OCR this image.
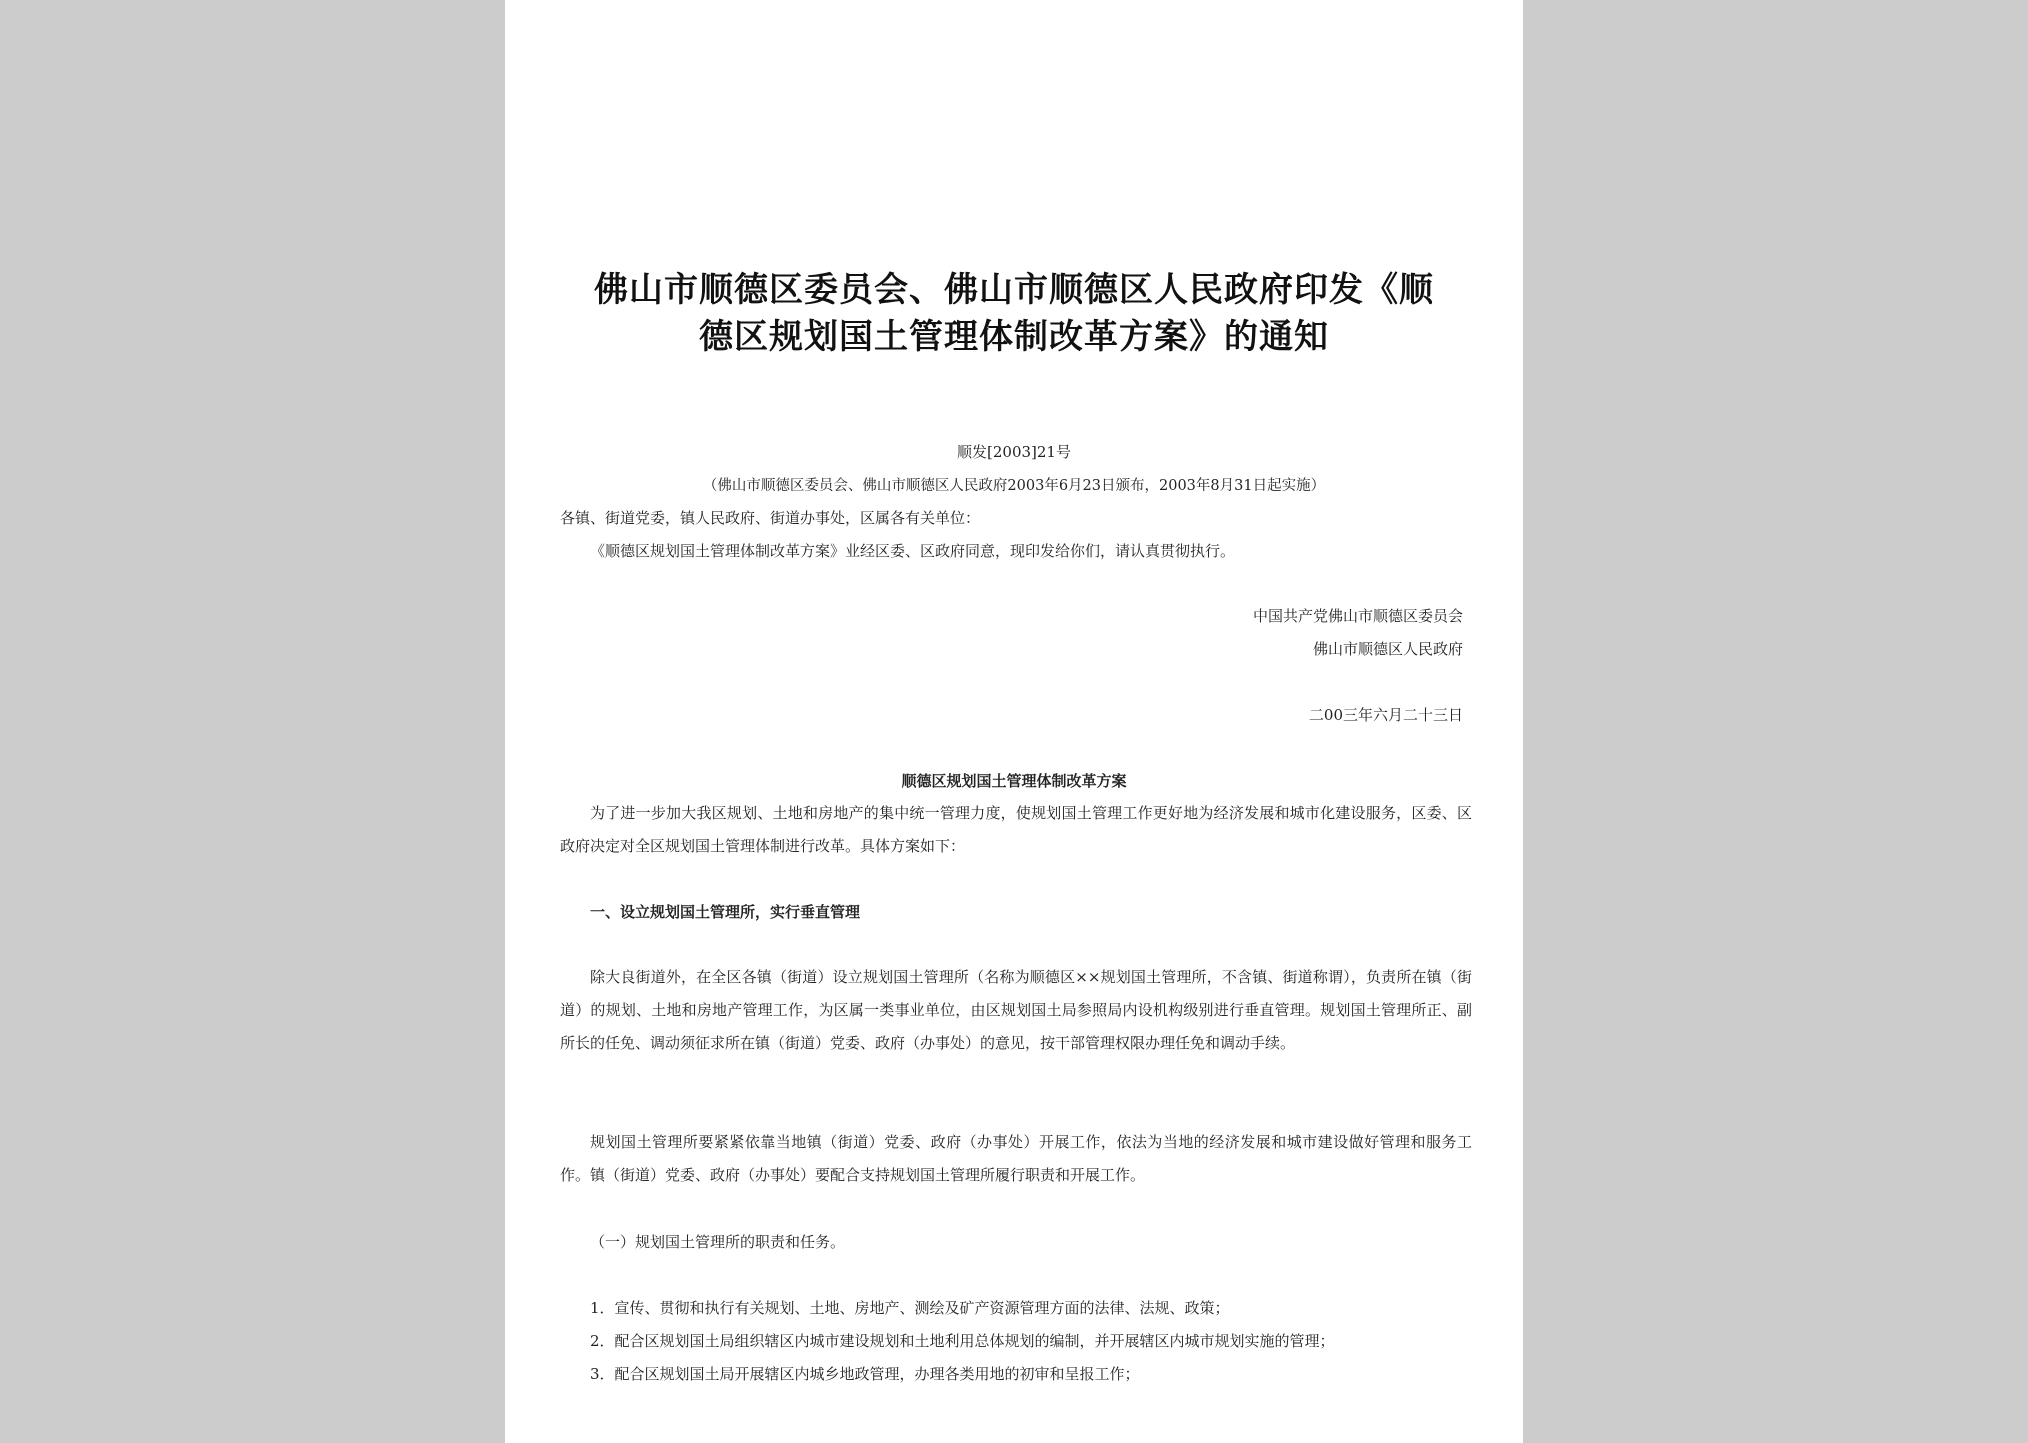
佛山市顺德区委员会、佛山市顺德区人民政府印发《顺
德区规划国土管理体制改革方案》的通知
顺发[2003]21号
（佛山市顺德区委员会、佛山市顺德区人民政府2003年6月23日颁布，2003年8月31日起实施）
各镇、街道党委，镇人民政府、街道办事处，区属各有关单位：
《顺德区规划国土管理体制改革方案》业经区委、区政府同意，现印发给你们，请认真贯彻执行。
中国共产党佛山市顺德区委员会
佛山市顺德区人民政府
二00三年六月二十三日
顺德区规划国土管理体制改革方案
为了进一步加大我区规划、土地和房地产的集中统一管理力度，使规划国土管理工作更好地为经济发展和城市化建设服务，区委、区政府决定对全区规划国土管理体制进行改革。具体方案如下：
一、设立规划国土管理所，实行垂直管理
除大良街道外，在全区各镇（街道）设立规划国土管理所（名称为顺德区××规划国土管理所，不含镇、街道称谓），负责所在镇（街道）的规划、土地和房地产管理工作，为区属一类事业单位，由区规划国土局参照局内设机构级别进行垂直管理。规划国土管理所正、副所长的任免、调动须征求所在镇（街道）党委、政府（办事处）的意见，按干部管理权限办理任免和调动手续。
规划国土管理所要紧紧依靠当地镇（街道）党委、政府（办事处）开展工作，依法为当地的经济发展和城市建设做好管理和服务工作。镇（街道）党委、政府（办事处）要配合支持规划国土管理所履行职责和开展工作。
（一）规划国土管理所的职责和任务。
1．宣传、贯彻和执行有关规划、土地、房地产、测绘及矿产资源管理方面的法律、法规、政策；
2．配合区规划国土局组织辖区内城市建设规划和土地利用总体规划的编制，并开展辖区内城市规划实施的管理；
3．配合区规划国土局开展辖区内城乡地政管理，办理各类用地的初审和呈报工作；
